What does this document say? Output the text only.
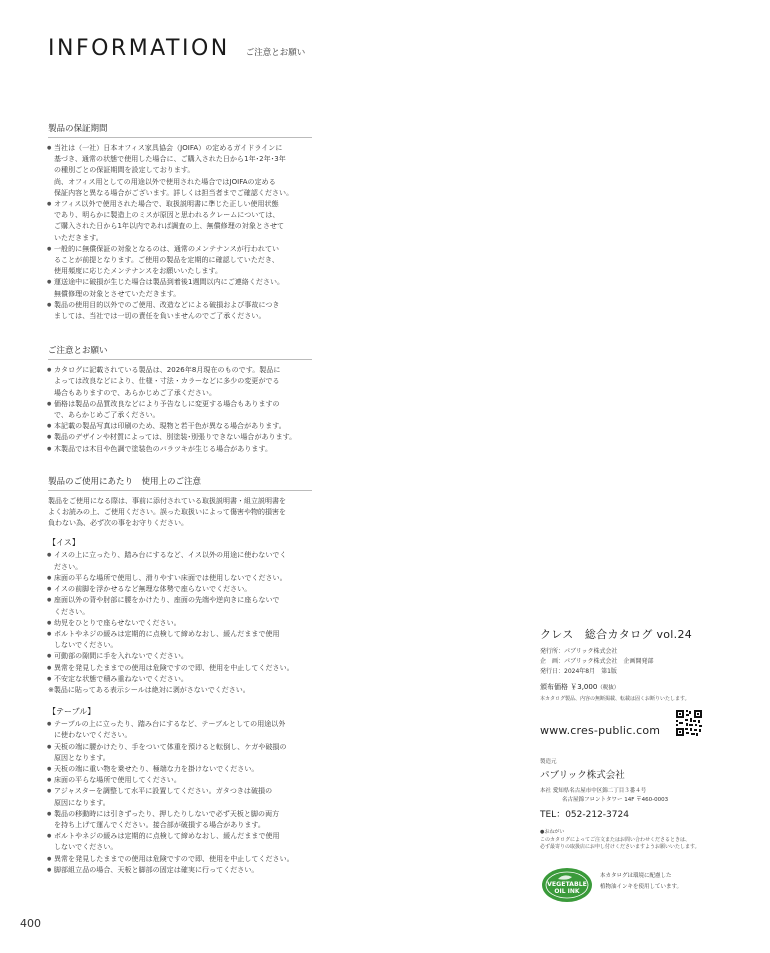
INFORMATION ご注意とお願い
製品の保証期間
● 当社は（一社）日本オフィス家具協会（JOIFA）の定めるガイドラインに
基づき、通常の状態で使用した場合に、ご購入された日から1年･2年･3年
の種別ごとの保証期間を設定しております。
尚、オフィス用としての用途以外で使用された場合ではJOIFAの定める
保証内容と異なる場合がございます。詳しくは担当者までご確認ください。
● オフィス以外で使用された場合で、取扱説明書に準じた正しい使用状態
であり、明らかに製造上のミスが原因と思われるクレームについては、
ご購入された日から1年以内であれば調査の上、無償修理の対象とさせて
いただきます。
● 一般的に無償保証の対象となるのは、通常のメンテナンスが行われてい
ることが前提となります。ご使用の製品を定期的に確認していただき、
使用頻度に応じたメンテナンスをお願いいたします。
● 運送途中に破損が生じた場合は製品到着後1週間以内にご連絡ください。
無償修理の対象とさせていただきます。
● 製品の使用目的以外でのご使用、改造などによる破損および事故につき
ましては、当社では一切の責任を負いませんのでご了承ください。
ご注意とお願い
● カタログに記載されている製品は、2026年8月現在のものです。製品に
よっては改良などにより、仕様・寸法・カラーなどに多少の変更がでる
場合もありますので、あらかじめご了承ください。
● 価格は製品の品質改良などにより予告なしに変更する場合もありますの
で、あらかじめご了承ください。
● 本記載の製品写真は印刷のため、現物と若干色が異なる場合があります。
● 製品のデザインや材質によっては、別塗装･別張りできない場合があります。
● 木製品では木目や色調で塗装色のバラツキが生じる場合があります。
製品のご使用にあたり　使用上のご注意
製品をご使用になる際は、事前に添付されている取扱説明書・組立説明書を
よくお読みの上、ご使用ください。誤った取扱いによって傷害や物的損害を
負わない為、必ず次の事をお守りください。
【イス】
● イスの上に立ったり、踏み台にするなど、イス以外の用途に使わないでく
ださい。
● 床面の平らな場所で使用し、滑りやすい床面では使用しないでください。
● イスの前脚を浮かせるなど無理な体勢で座らないでください。
● 座面以外の背や肘部に腰をかけたり、座面の先端や逆向きに座らないで
ください。
● 幼児をひとりで座らせないでください。
● ボルトやネジの緩みは定期的に点検して締めなおし、緩んだままで使用
しないでください。
● 可動部の隙間に手を入れないでください。
● 異常を発見したままでの使用は危険ですので即、使用を中止してください。
● 不安定な状態で積み重ねないでください。
※製品に貼ってある表示シールは絶対に剥がさないでください。
【テーブル】
● テーブルの上に立ったり、踏み台にするなど、テーブルとしての用途以外
に使わないでください。
● 天板の端に腰かけたり、手をついて体重を預けると転倒し、ケガや破損の
原因となります。
● 天板の端に重い物を乗せたり、極端な力を掛けないでください。
● 床面の平らな場所で使用してください。
● アジャスターを調整して水平に設置してください。ガタつきは破損の
原因になります。
● 製品の移動時には引きずったり、押したりしないで必ず天板と脚の両方
を持ち上げて運んでください。接合部が破損する場合があります。
● ボルトやネジの緩みは定期的に点検して締めなおし、緩んだままで使用
しないでください。
● 異常を発見したままでの使用は危険ですので即、使用を中止してください。
● 脚部組立品の場合、天板と脚部の固定は確実に行ってください。
400
クレス　総合カタログ vol.24
発行所：パブリック株式会社
企　画：パブリック株式会社　企画開発部
発行日：2024年8月　第1版
頒布価格 ￥3,000（税抜）
本カタログ製品、内容の無断掲載、転載は固くお断りいたします。
www.cres-public.com
製造元
パブリック株式会社
本社 愛知県名古屋市中区錦二丁目３番４号
名古屋錦フロントタワー 14F 〒460-0003
TEL：052-212-3724
●おねがい
このカタログによってご注文またはお問い合わせくださるときは、
必ず最寄りの取扱店にお申し付けくださいますようお願いいたします。
VEGETABLE
OIL INK
本カタログは環境に配慮した
植物油インキを使用しています。
